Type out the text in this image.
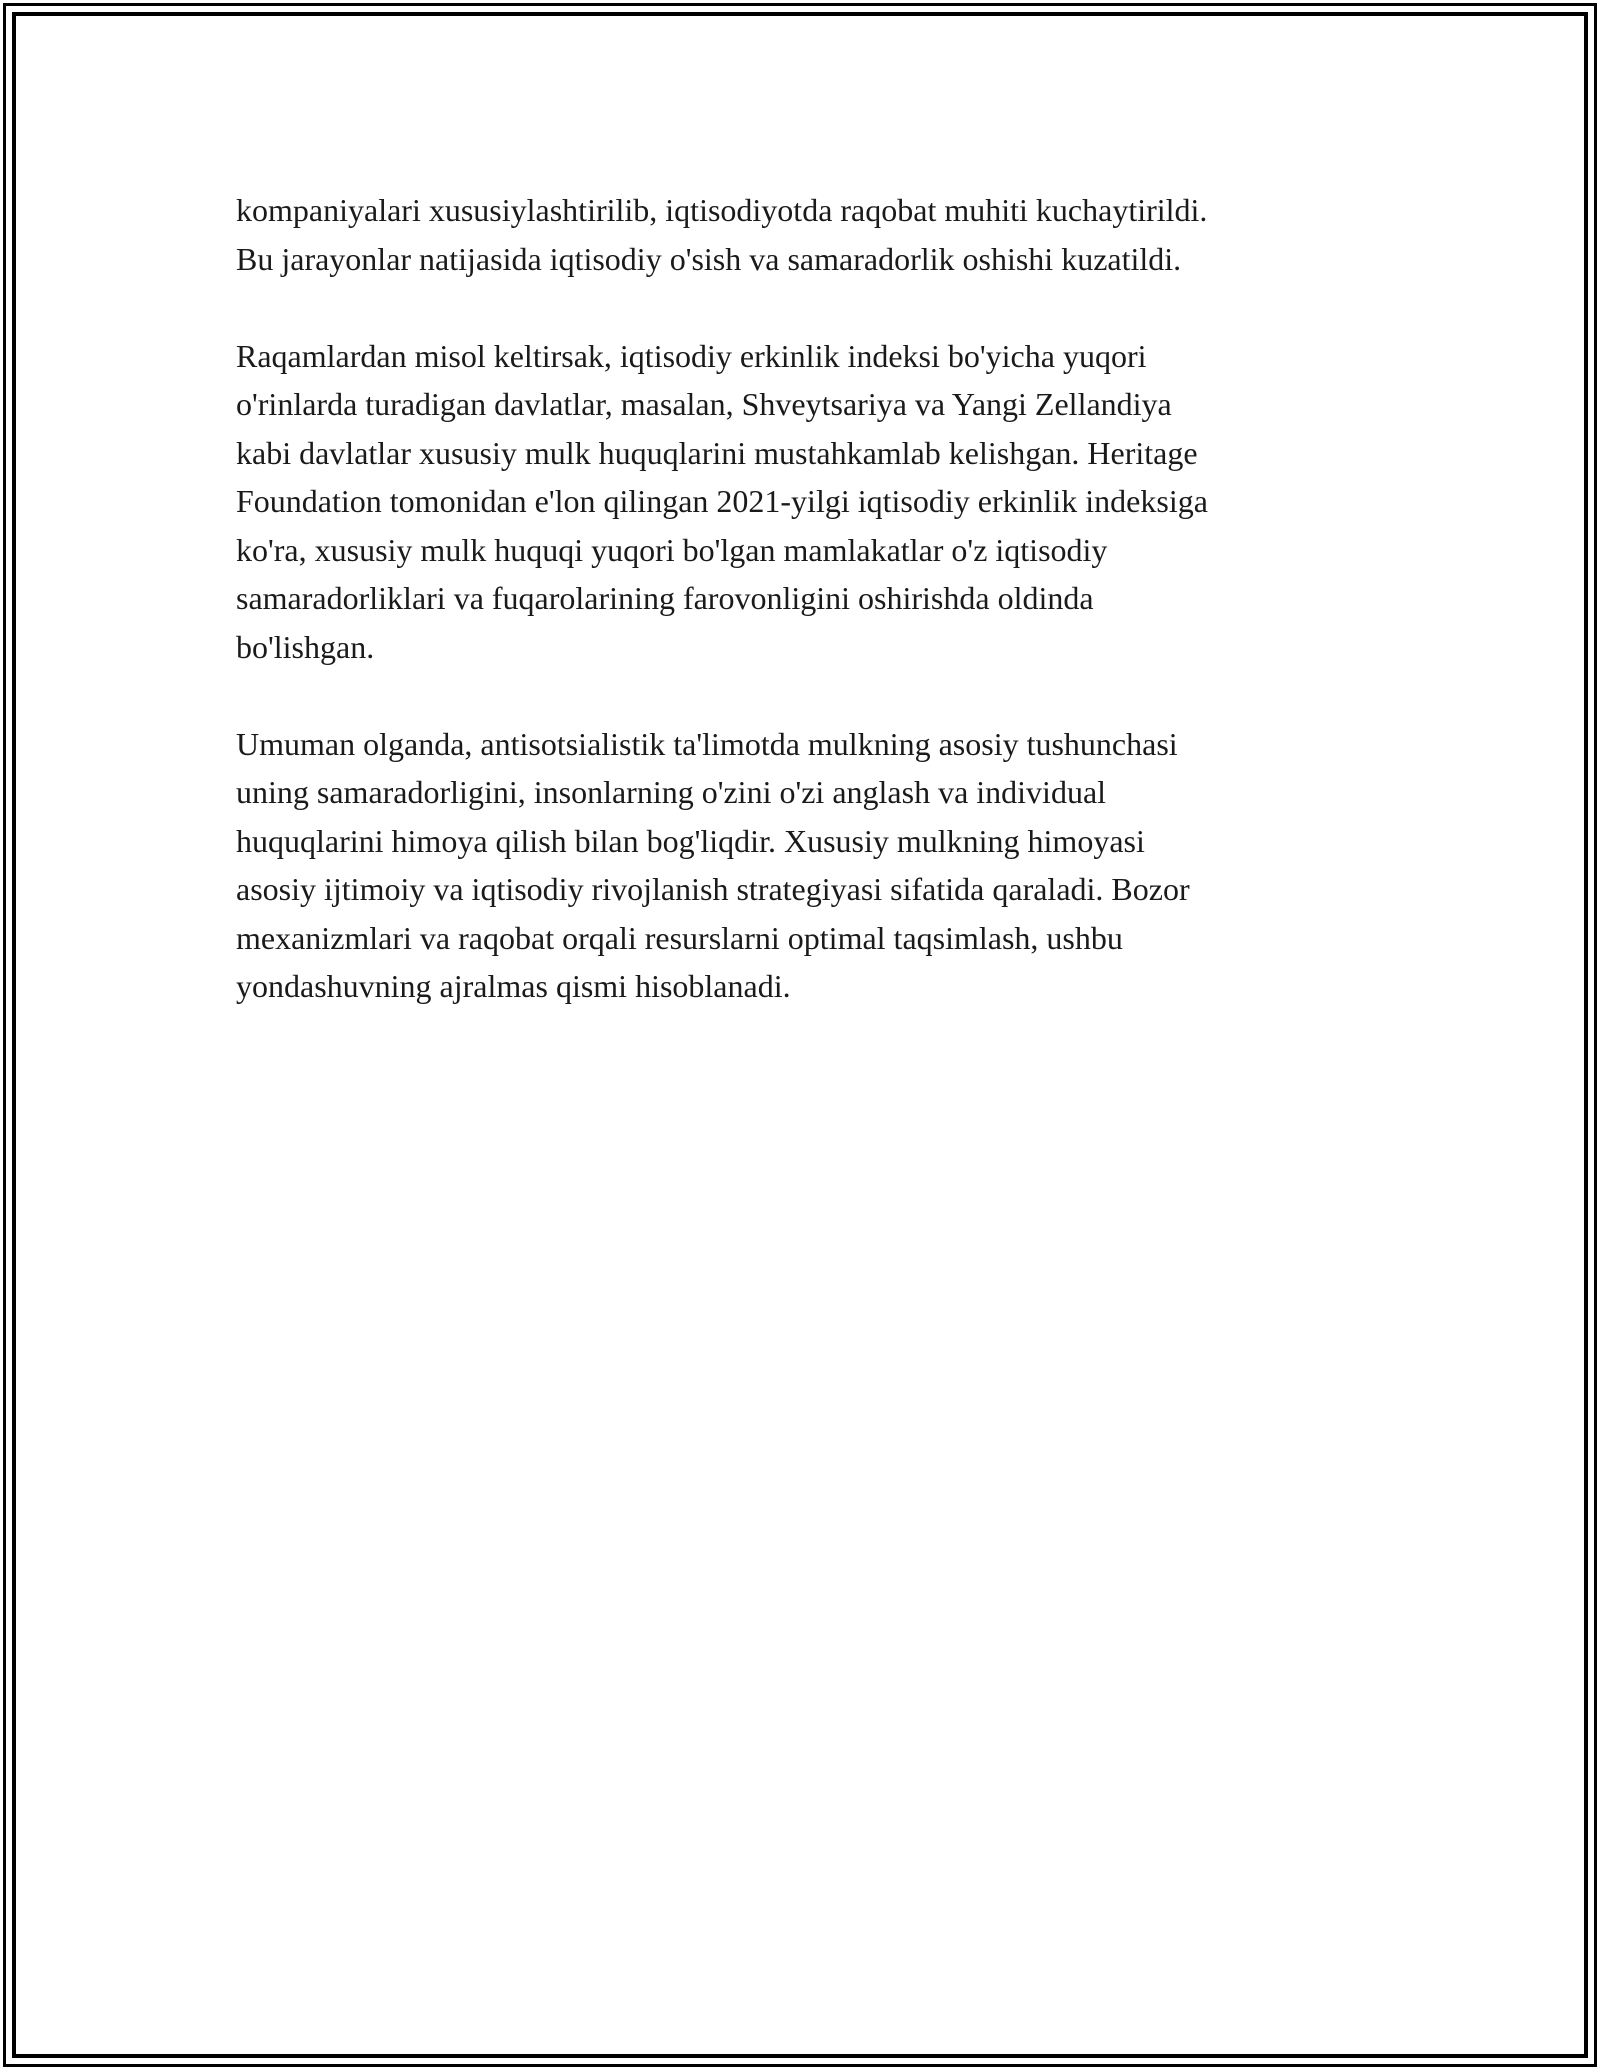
kompaniyalari xususiylashtirilib, iqtisodiyotda raqobat muhiti kuchaytirildi.
Bu jarayonlar natijasida iqtisodiy o'sish va samaradorlik oshishi kuzatildi.

Raqamlardan misol keltirsak, iqtisodiy erkinlik indeksi bo'yicha yuqori
o'rinlarda turadigan davlatlar, masalan, Shveytsariya va Yangi Zellandiya
kabi davlatlar xususiy mulk huquqlarini mustahkamlab kelishgan. Heritage
Foundation tomonidan e'lon qilingan 2021-yilgi iqtisodiy erkinlik indeksiga
ko'ra, xususiy mulk huquqi yuqori bo'lgan mamlakatlar o'z iqtisodiy
samaradorliklari va fuqarolarining farovonligini oshirishda oldinda
bo'lishgan.

Umuman olganda, antisotsialistik ta'limotda mulkning asosiy tushunchasi
uning samaradorligini, insonlarning o'zini o'zi anglash va individual
huquqlarini himoya qilish bilan bog'liqdir. Xususiy mulkning himoyasi
asosiy ijtimoiy va iqtisodiy rivojlanish strategiyasi sifatida qaraladi. Bozor
mexanizmlari va raqobat orqali resurslarni optimal taqsimlash, ushbu
yondashuvning ajralmas qismi hisoblanadi.
